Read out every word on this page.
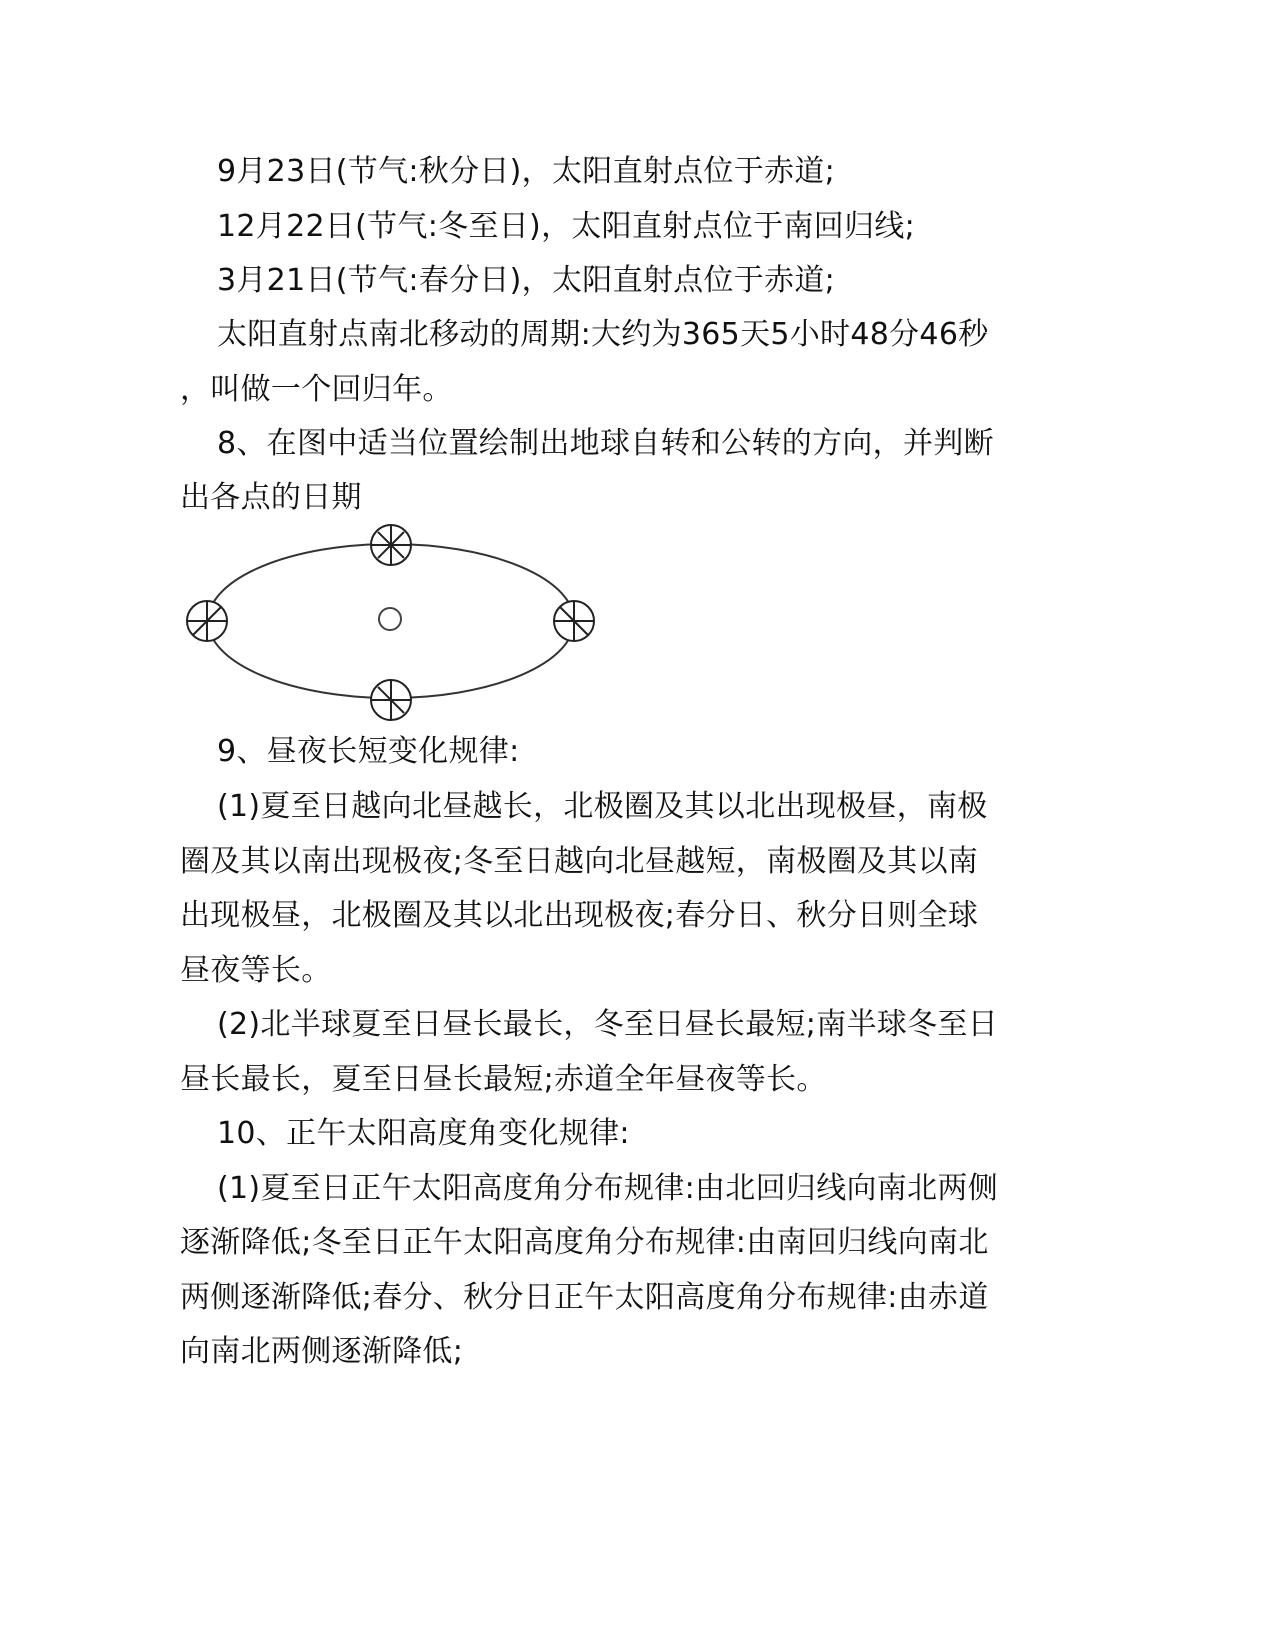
9月23日(节气:秋分日)，太阳直射点位于赤道;
12月22日(节气:冬至日)，太阳直射点位于南回归线;
3月21日(节气:春分日)，太阳直射点位于赤道;
太阳直射点南北移动的周期:大约为365天5小时48分46秒
，叫做一个回归年。
8、在图中适当位置绘制出地球自转和公转的方向，并判断
出各点的日期
9、昼夜长短变化规律:
(1)夏至日越向北昼越长，北极圈及其以北出现极昼，南极
圈及其以南出现极夜;冬至日越向北昼越短，南极圈及其以南
出现极昼，北极圈及其以北出现极夜;春分日、秋分日则全球
昼夜等长。
(2)北半球夏至日昼长最长，冬至日昼长最短;南半球冬至日
昼长最长，夏至日昼长最短;赤道全年昼夜等长。
10、正午太阳高度角变化规律:
(1)夏至日正午太阳高度角分布规律:由北回归线向南北两侧
逐渐降低;冬至日正午太阳高度角分布规律:由南回归线向南北
两侧逐渐降低;春分、秋分日正午太阳高度角分布规律:由赤道
向南北两侧逐渐降低;
